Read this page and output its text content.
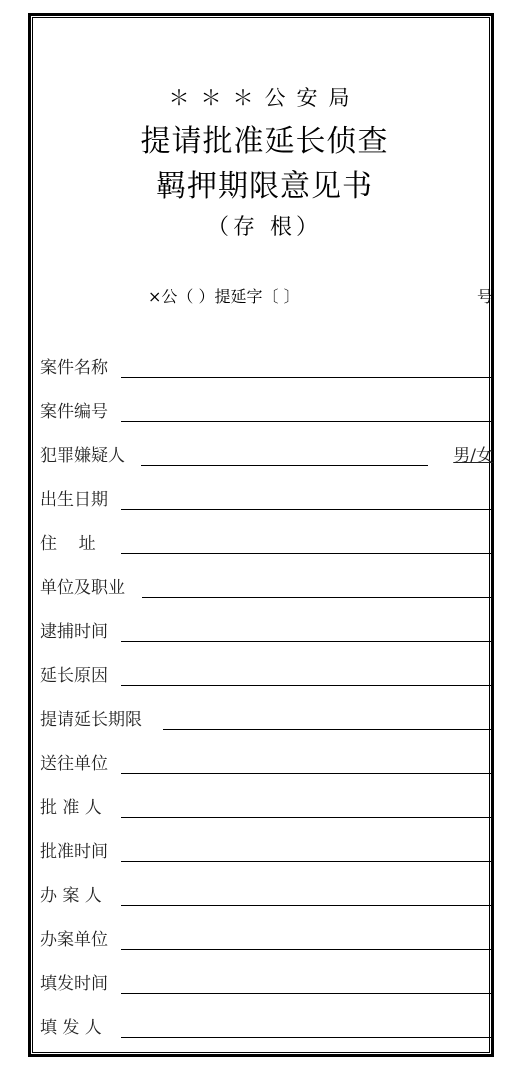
＊＊＊公安局
提请批准延长侦查
羁押期限意见书
（存 根）
×公（ ）提延字〔 〕	号
案件名称
案件编号
犯罪嫌疑人	男/女
出生日期
住    址
单位及职业
逮捕时间
延长原因
提请延长期限
送往单位
批 准 人
批准时间
办 案 人
办案单位
填发时间
填 发 人
